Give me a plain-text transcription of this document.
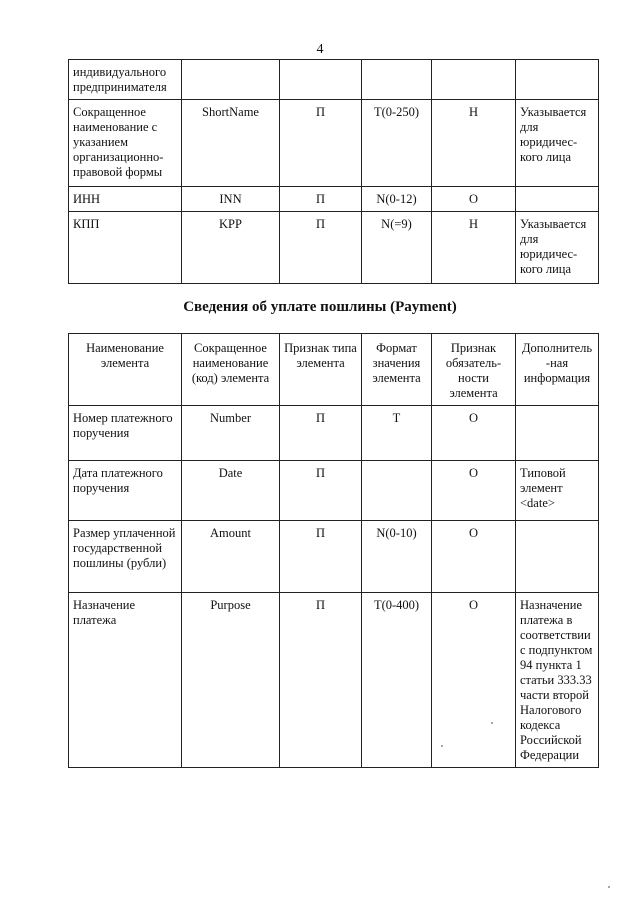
4
индивидуального предпринимателя					
Сокращенное наименование с указанием организационно-правовой формы	ShortName	П	T(0-250)	Н	Указывается для юридичес-кого лица
ИНН	INN	П	N(0-12)	О	
КПП	KPP	П	N(=9)	Н	Указывается для юридичес-кого лица
Сведения об уплате пошлины (Payment)
Наименование элемента	Сокращенное наименование (код) элемента	Признак типа элемента	Формат значения элемента	Признак обязатель-ности элемента	Дополнитель-ная информация
Номер платежного поручения	Number	П	T	О	
Дата платежного поручения	Date	П		О	Типовой элемент <date>
Размер уплаченной государственной пошлины (рубли)	Amount	П	N(0-10)	О	
Назначение платежа	Purpose	П	T(0-400)	О	Назначение платежа в соответствии с подпунктом 94 пункта 1 статьи 333.33 части второй Налогового кодекса Российской Федерации
